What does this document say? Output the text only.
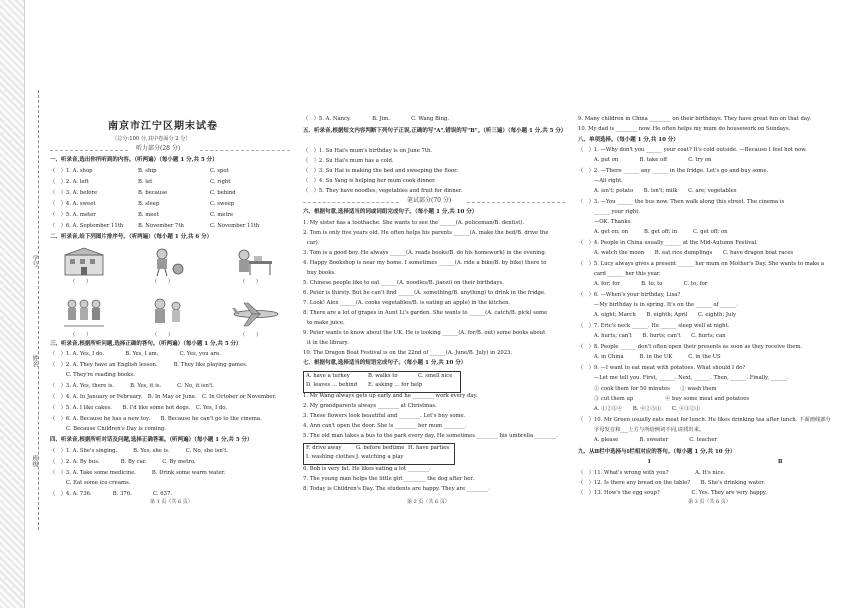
学号
姓名
班级
南京市江宁区期末试卷
（总分:100 分,其中卷面分 2 分）
听力部分(28 分)
一、听录音,选出你所听到的内容。（听两遍）（每小题 1 分,共 5 分）
（　）1. A. shop	B. ship	C. spot
（　）2. A. left	B. let	C. right
（　）3. A. before	B. because	C. behind
（　）4. A. sweet	B. sleep	C. sweep
（　）5. A. meter	B. meet	C. metre
（　）6. A. September 11th	B. November 7th	C. November 11th
二、听录音,给下列图片排序号。（听两遍）（每小题 1 分,共 6 分）
（　　）	（　　）	（　　）
（　　）	（　　）	（　　）
三、听录音,根据所听问题,选择正确的答句。（听两遍）（每小题 1 分,共 5 分）
（　）1. A. Yes, I do.　　　　B. Yes, I am.　　　　C. Yes, you are.
（　）2. A. They have an English lesson.　　　B. They like playing games.
　　　C. They're reading books.
（　）3. A. Yes, there is.　　　B. Yes, it is.　　　C. No, it isn't.
（　）4. A. In January or February.　B. In May or June.　C. In October or November.
（　）5. A. I like cakes.　　B. I'd like some hot dogs.　C. Yes, I do.
（　）6. A. Because he has a new toy.　　B. Because he can't go to the cinema.
　　　C. Because Children's Day is coming.
四、听录音,根据所听对话及问题,选择正确答案。（听两遍）（每小题 1 分,共 5 分）
（　）1. A. She's singing.　　　B. Yes, she is.　　　C. No, she isn't.
（　）2. A. By bus.　　　　B. By car.　　　C. By metro.
（　）3. A. Take some medicine.　　　B. Drink some warm water.
　　　C. Eat some ice creams.
（　）4. A. 736.　　　　B. 376.　　　　C. 637.
第 1 页（共 6 页）
（　）5. A. Nancy.　　　　B. Jim.　　　　C. Wang Bing.
五、听录音,根据短文内容判断下列句子正误,正确的写"A",错误的写"B"。（听三遍）（每小题 1 分,共 5 分）
（　）1. Su Hai's mum's birthday is on June 7th.
（　）2. Su Hai's mum has a cold.
（　）3. Su Hai is making the bed and sweeping the floor.
（　）4. Su Yang is helping her mum cook dinner.
（　）5. They have noodles, vegetables and fruit for dinner.
笔试部分(70 分)
六、根据句意,选择适当的词或词组完成句子。（每小题 1 分,共 10 分）
1. My sister has a toothache. She wants to see the ______(A. policeman/B. dentist).
2. Tom is only five years old. He often helps his parents ______(A. make the bed/B. drive the
car).
3. Tom is a good boy. He always ______(A. reads books/B. do his homework) in the evening.
4. Happy Bookshop is near my home. I sometimes ______(A. ride a bike/B. by bike) there to
buy books.
5. Chinese people like to eat ______(A. noodles/B. jiaozi) on their birthdays.
6. Peter is thirsty. But he can't find ______(A. something/B. anything) to drink in the fridge.
7. Look! Alex ______(A. cooks vegetables/B. is eating an apple) in the kitchen.
8. There are a lot of grapes in Aunt Li's garden. She wants to ______(A. catch/B. pick) some
to make juice.
9. Peter wants to know about the UK. He is looking ______(A. for/B. out) some books about
it in the library.
10. The Dragon Boat Festival is on the 22nd of ______(A. June/B. July) in 2023.
七、根据句意,选择适当的短语完成句子。（每小题 1 分,共 10 分）
A. have a turkey	B. walks to	C. smell nice
D. leaves ... behind E. asking ... for help
1. Mr Wang always gets up early and he ________ work every day.
2. My grandparents always ________ at Christmas.
3. These flowers look beautiful and ________. Let's buy some.
4. Ann can't open the door. She is ________ her mum ________.
5. The old man takes a bus to the park every day. He sometimes ________ his umbrella ________.
F. drive away	G. before bedtime H. have parties
I. washing clothes J. watching a play
6. Bob is very fat. He likes eating a lot ________.
7. The young man helps the little girl ________ the dog after her.
8. Today is Children's Day. The students are happy. They are ________.
第 2 页（共 6 页）
9. Many children in China ________ on their birthdays. They have great fun on that day.
10. My dad is ________ now. He often helps my mum do housework on Sundays.
八、单项选择。（每小题 1 分,共 10 分）
（　）1. —Why don't you ______ your coat? It's cold outside. —Because I feel hot now.
　　　A. put on　　　　B. take off　　　　C. try on
（　）2. —There ______ any ______ in the fridge. Let's go and buy some.
　　　—All right.
　　　A. isn't; potato　　B. isn't; milk　　C. are; vegetables
（　）3. —You ______ the bus now. Then walk along this street. The cinema is
　　　______ your right.
　　　—OK. Thanks.
　　　A. get on; on　　　B. get off; in　　　C. get off; on
（　）4. People in China usually ______ at the Mid-Autumn Festival.
　　　A. watch the moon　　B. eat rice dumplings　　C. have dragon boat races
（　）5. Lucy always gives a present ______ her mum on Mother's Day. She wants to make a
　　　card ______ her this year.
　　　A. for; for　　　　B. to; to　　　　C. to; for
（　）6. —When's your birthday, Lisa?
　　　—My birthday is in spring. It's on the ______ of ______.
　　　A. eight; March　　B. eighth; April　　C. eighth; July
（　）7. Eric's neck ______. He ______ sleep well at night.
　　　A. hurts; can't　　B. hurts; can't　　C. hurts; can
（　）8. People ______ don't often open their presents as soon as they receive them.
　　　A. in China　　　B. in the UK　　　C. in the US
（　）9. —I want to eat meat with potatoes. What should I do?
　　　—Let me tell you. First, ______. Next, ______. Then, ______. Finally, ______.
　　　① cook them for 50 minutes　　② wash them
　　　③ cut them up　　　　　　④ buy some meat and potatoes
　　　A. ①②③④　　B. ④②③①　　C. ④③②①
（　）10. Mr Green usually eats meat for lunch. He likes drinking tea after lunch. 下面画线部分
　　　字母发音和___上方与所给例词不同,请找出来。
　　　A. please　　　　B. sweater　　　　C. teacher
九、从Ⅱ栏中选择与Ⅰ栏相对应的答句。（每小题 1 分,共 10 分）
Ⅰ	Ⅱ
（　）11. What's wrong with you?　　　　　A. It's nice.
（　）12. Is there any bread on the table?　　B. She's drinking water.
（　）13. How's the egg soup?　　　　　　C. Yes. They are very happy.
第 3 页（共 6 页）
